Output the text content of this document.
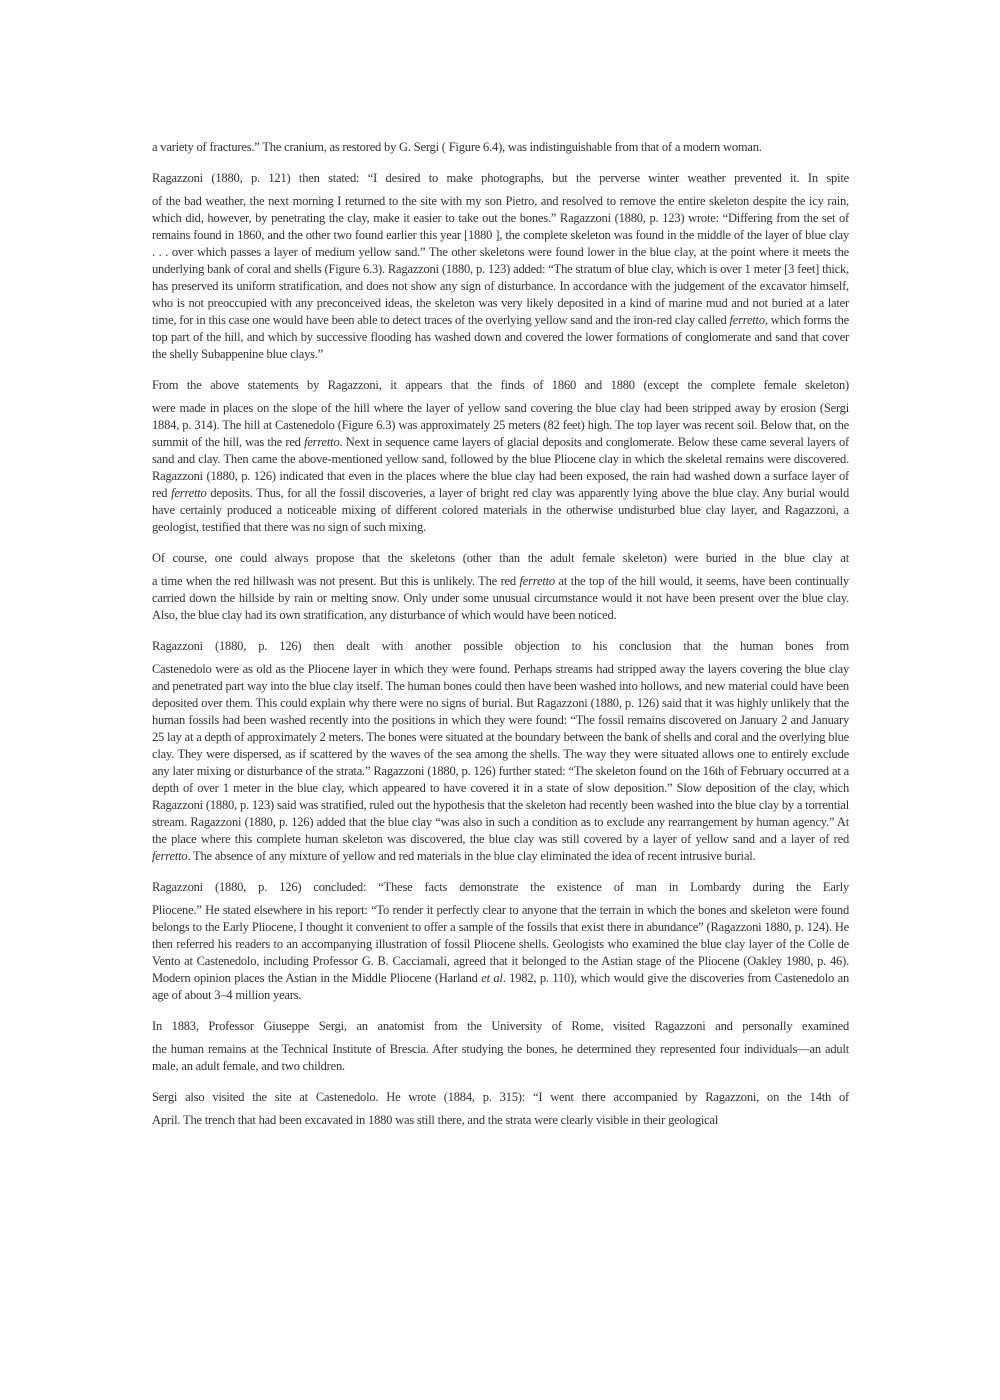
a variety of fractures.” The cranium, as restored by G. Sergi ( Figure 6.4), was indistinguishable from that of a modern woman.
Ragazzoni (1880, p. 121) then stated: “I desired to make photographs, but the perverse winter weather prevented it. In spite
of the bad weather, the next morning I returned to the site with my son Pietro, and resolved to remove the entire skeleton despite the icy rain, which did, however, by penetrating the clay, make it easier to take out the bones.” Ragazzoni (1880, p. 123) wrote: “Differing from the set of remains found in 1860, and the other two found earlier this year [1880 ], the complete skeleton was found in the middle of the layer of blue clay . . . over which passes a layer of medium yellow sand.” The other skeletons were found lower in the blue clay, at the point where it meets the underlying bank of coral and shells (Figure 6.3). Ragazzoni (1880, p. 123) added: “The stratum of blue clay, which is over 1 meter [3 feet] thick, has preserved its uniform stratification, and does not show any sign of disturbance. In accordance with the judgement of the excavator himself, who is not preoccupied with any preconceived ideas, the skeleton was very likely deposited in a kind of marine mud and not buried at a later time, for in this case one would have been able to detect traces of the overlying yellow sand and the iron-red clay called ferretto, which forms the top part of the hill, and which by successive flooding has washed down and covered the lower formations of conglomerate and sand that cover the shelly Subappenine blue clays.”
From the above statements by Ragazzoni, it appears that the finds of 1860 and 1880 (except the complete female skeleton)
were made in places on the slope of the hill where the layer of yellow sand covering the blue clay had been stripped away by erosion (Sergi 1884, p. 314). The hill at Castenedolo (Figure 6.3) was approximately 25 meters (82 feet) high. The top layer was recent soil. Below that, on the summit of the hill, was the red ferretto. Next in sequence came layers of glacial deposits and conglomerate. Below these came several layers of sand and clay. Then came the above-mentioned yellow sand, followed by the blue Pliocene clay in which the skeletal remains were discovered. Ragazzoni (1880, p. 126) indicated that even in the places where the blue clay had been exposed, the rain had washed down a surface layer of red ferretto deposits. Thus, for all the fossil discoveries, a layer of bright red clay was apparently lying above the blue clay. Any burial would have certainly produced a noticeable mixing of different colored materials in the otherwise undisturbed blue clay layer, and Ragazzoni, a geologist, testified that there was no sign of such mixing.
Of course, one could always propose that the skeletons (other than the adult female skeleton) were buried in the blue clay at
a time when the red hillwash was not present. But this is unlikely. The red ferretto at the top of the hill would, it seems, have been continually carried down the hillside by rain or melting snow. Only under some unusual circumstance would it not have been present over the blue clay. Also, the blue clay had its own stratification, any disturbance of which would have been noticed.
Ragazzoni (1880, p. 126) then dealt with another possible objection to his conclusion that the human bones from
Castenedolo were as old as the Pliocene layer in which they were found. Perhaps streams had stripped away the layers covering the blue clay and penetrated part way into the blue clay itself. The human bones could then have been washed into hollows, and new material could have been deposited over them. This could explain why there were no signs of burial. But Ragazzoni (1880, p. 126) said that it was highly unlikely that the human fossils had been washed recently into the positions in which they were found: “The fossil remains discovered on January 2 and January 25 lay at a depth of approximately 2 meters. The bones were situated at the boundary between the bank of shells and coral and the overlying blue clay. They were dispersed, as if scattered by the waves of the sea among the shells. The way they were situated allows one to entirely exclude any later mixing or disturbance of the strata.” Ragazzoni (1880, p. 126) further stated: “The skeleton found on the 16th of February occurred at a depth of over 1 meter in the blue clay, which appeared to have covered it in a state of slow deposition.” Slow deposition of the clay, which Ragazzoni (1880, p. 123) said was stratified, ruled out the hypothesis that the skeleton had recently been washed into the blue clay by a torrential stream. Ragazzoni (1880, p. 126) added that the blue clay “was also in such a condition as to exclude any rearrangement by human agency.” At the place where this complete human skeleton was discovered, the blue clay was still covered by a layer of yellow sand and a layer of red ferretto. The absence of any mixture of yellow and red materials in the blue clay eliminated the idea of recent intrusive burial.
Ragazzoni (1880, p. 126) concluded: “These facts demonstrate the existence of man in Lombardy during the Early
Pliocene.” He stated elsewhere in his report: “To render it perfectly clear to anyone that the terrain in which the bones and skeleton were found belongs to the Early Pliocene, I thought it convenient to offer a sample of the fossils that exist there in abundance” (Ragazzoni 1880, p. 124). He then referred his readers to an accompanying illustration of fossil Pliocene shells. Geologists who examined the blue clay layer of the Colle de Vento at Castenedolo, including Professor G. B. Cacciamali, agreed that it belonged to the Astian stage of the Pliocene (Oakley 1980, p. 46). Modern opinion places the Astian in the Middle Pliocene (Harland et al. 1982, p. 110), which would give the discoveries from Castenedolo an age of about 3–4 million years.
In 1883, Professor Giuseppe Sergi, an anatomist from the University of Rome, visited Ragazzoni and personally examined
the human remains at the Technical Institute of Brescia. After studying the bones, he determined they represented four individuals—an adult male, an adult female, and two children.
Sergi also visited the site at Castenedolo. He wrote (1884, p. 315): “I went there accompanied by Ragazzoni, on the 14th of
April. The trench that had been excavated in 1880 was still there, and the strata were clearly visible in their geological
